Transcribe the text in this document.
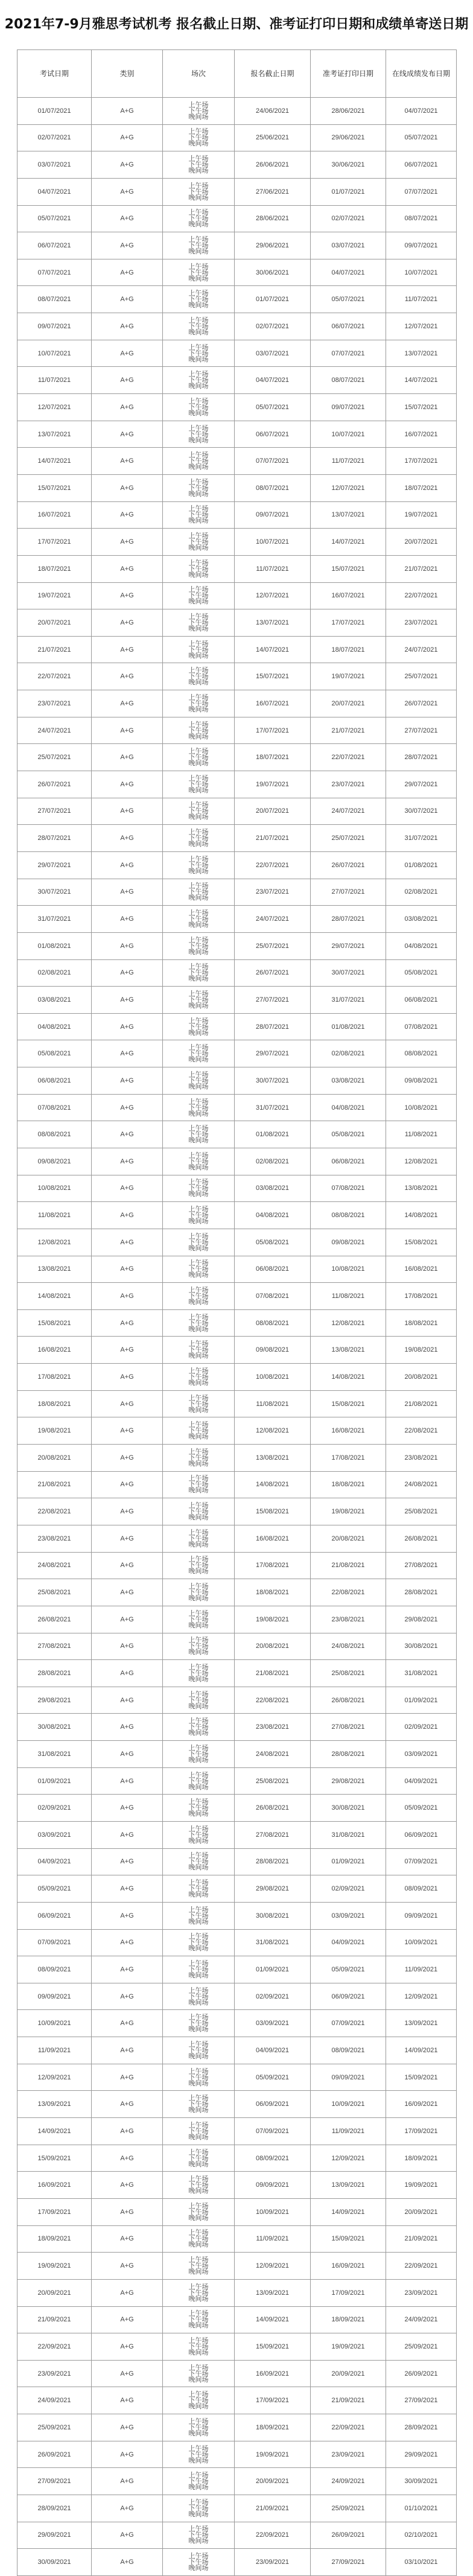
2021年7-9月雅思考试机考 报名截止日期、准考证打印日期和成绩单寄送日期
考试日期	类别	场次	报名截止日期	准考证打印日期	在线成绩发布日期
01/07/2021	A+G	上午场
下午场
晚间场	24/06/2021	28/06/2021	04/07/2021
02/07/2021	A+G	上午场
下午场
晚间场	25/06/2021	29/06/2021	05/07/2021
03/07/2021	A+G	上午场
下午场
晚间场	26/06/2021	30/06/2021	06/07/2021
04/07/2021	A+G	上午场
下午场
晚间场	27/06/2021	01/07/2021	07/07/2021
05/07/2021	A+G	上午场
下午场
晚间场	28/06/2021	02/07/2021	08/07/2021
06/07/2021	A+G	上午场
下午场
晚间场	29/06/2021	03/07/2021	09/07/2021
07/07/2021	A+G	上午场
下午场
晚间场	30/06/2021	04/07/2021	10/07/2021
08/07/2021	A+G	上午场
下午场
晚间场	01/07/2021	05/07/2021	11/07/2021
09/07/2021	A+G	上午场
下午场
晚间场	02/07/2021	06/07/2021	12/07/2021
10/07/2021	A+G	上午场
下午场
晚间场	03/07/2021	07/07/2021	13/07/2021
11/07/2021	A+G	上午场
下午场
晚间场	04/07/2021	08/07/2021	14/07/2021
12/07/2021	A+G	上午场
下午场
晚间场	05/07/2021	09/07/2021	15/07/2021
13/07/2021	A+G	上午场
下午场
晚间场	06/07/2021	10/07/2021	16/07/2021
14/07/2021	A+G	上午场
下午场
晚间场	07/07/2021	11/07/2021	17/07/2021
15/07/2021	A+G	上午场
下午场
晚间场	08/07/2021	12/07/2021	18/07/2021
16/07/2021	A+G	上午场
下午场
晚间场	09/07/2021	13/07/2021	19/07/2021
17/07/2021	A+G	上午场
下午场
晚间场	10/07/2021	14/07/2021	20/07/2021
18/07/2021	A+G	上午场
下午场
晚间场	11/07/2021	15/07/2021	21/07/2021
19/07/2021	A+G	上午场
下午场
晚间场	12/07/2021	16/07/2021	22/07/2021
20/07/2021	A+G	上午场
下午场
晚间场	13/07/2021	17/07/2021	23/07/2021
21/07/2021	A+G	上午场
下午场
晚间场	14/07/2021	18/07/2021	24/07/2021
22/07/2021	A+G	上午场
下午场
晚间场	15/07/2021	19/07/2021	25/07/2021
23/07/2021	A+G	上午场
下午场
晚间场	16/07/2021	20/07/2021	26/07/2021
24/07/2021	A+G	上午场
下午场
晚间场	17/07/2021	21/07/2021	27/07/2021
25/07/2021	A+G	上午场
下午场
晚间场	18/07/2021	22/07/2021	28/07/2021
26/07/2021	A+G	上午场
下午场
晚间场	19/07/2021	23/07/2021	29/07/2021
27/07/2021	A+G	上午场
下午场
晚间场	20/07/2021	24/07/2021	30/07/2021
28/07/2021	A+G	上午场
下午场
晚间场	21/07/2021	25/07/2021	31/07/2021
29/07/2021	A+G	上午场
下午场
晚间场	22/07/2021	26/07/2021	01/08/2021
30/07/2021	A+G	上午场
下午场
晚间场	23/07/2021	27/07/2021	02/08/2021
31/07/2021	A+G	上午场
下午场
晚间场	24/07/2021	28/07/2021	03/08/2021
01/08/2021	A+G	上午场
下午场
晚间场	25/07/2021	29/07/2021	04/08/2021
02/08/2021	A+G	上午场
下午场
晚间场	26/07/2021	30/07/2021	05/08/2021
03/08/2021	A+G	上午场
下午场
晚间场	27/07/2021	31/07/2021	06/08/2021
04/08/2021	A+G	上午场
下午场
晚间场	28/07/2021	01/08/2021	07/08/2021
05/08/2021	A+G	上午场
下午场
晚间场	29/07/2021	02/08/2021	08/08/2021
06/08/2021	A+G	上午场
下午场
晚间场	30/07/2021	03/08/2021	09/08/2021
07/08/2021	A+G	上午场
下午场
晚间场	31/07/2021	04/08/2021	10/08/2021
08/08/2021	A+G	上午场
下午场
晚间场	01/08/2021	05/08/2021	11/08/2021
09/08/2021	A+G	上午场
下午场
晚间场	02/08/2021	06/08/2021	12/08/2021
10/08/2021	A+G	上午场
下午场
晚间场	03/08/2021	07/08/2021	13/08/2021
11/08/2021	A+G	上午场
下午场
晚间场	04/08/2021	08/08/2021	14/08/2021
12/08/2021	A+G	上午场
下午场
晚间场	05/08/2021	09/08/2021	15/08/2021
13/08/2021	A+G	上午场
下午场
晚间场	06/08/2021	10/08/2021	16/08/2021
14/08/2021	A+G	上午场
下午场
晚间场	07/08/2021	11/08/2021	17/08/2021
15/08/2021	A+G	上午场
下午场
晚间场	08/08/2021	12/08/2021	18/08/2021
16/08/2021	A+G	上午场
下午场
晚间场	09/08/2021	13/08/2021	19/08/2021
17/08/2021	A+G	上午场
下午场
晚间场	10/08/2021	14/08/2021	20/08/2021
18/08/2021	A+G	上午场
下午场
晚间场	11/08/2021	15/08/2021	21/08/2021
19/08/2021	A+G	上午场
下午场
晚间场	12/08/2021	16/08/2021	22/08/2021
20/08/2021	A+G	上午场
下午场
晚间场	13/08/2021	17/08/2021	23/08/2021
21/08/2021	A+G	上午场
下午场
晚间场	14/08/2021	18/08/2021	24/08/2021
22/08/2021	A+G	上午场
下午场
晚间场	15/08/2021	19/08/2021	25/08/2021
23/08/2021	A+G	上午场
下午场
晚间场	16/08/2021	20/08/2021	26/08/2021
24/08/2021	A+G	上午场
下午场
晚间场	17/08/2021	21/08/2021	27/08/2021
25/08/2021	A+G	上午场
下午场
晚间场	18/08/2021	22/08/2021	28/08/2021
26/08/2021	A+G	上午场
下午场
晚间场	19/08/2021	23/08/2021	29/08/2021
27/08/2021	A+G	上午场
下午场
晚间场	20/08/2021	24/08/2021	30/08/2021
28/08/2021	A+G	上午场
下午场
晚间场	21/08/2021	25/08/2021	31/08/2021
29/08/2021	A+G	上午场
下午场
晚间场	22/08/2021	26/08/2021	01/09/2021
30/08/2021	A+G	上午场
下午场
晚间场	23/08/2021	27/08/2021	02/09/2021
31/08/2021	A+G	上午场
下午场
晚间场	24/08/2021	28/08/2021	03/09/2021
01/09/2021	A+G	上午场
下午场
晚间场	25/08/2021	29/08/2021	04/09/2021
02/09/2021	A+G	上午场
下午场
晚间场	26/08/2021	30/08/2021	05/09/2021
03/09/2021	A+G	上午场
下午场
晚间场	27/08/2021	31/08/2021	06/09/2021
04/09/2021	A+G	上午场
下午场
晚间场	28/08/2021	01/09/2021	07/09/2021
05/09/2021	A+G	上午场
下午场
晚间场	29/08/2021	02/09/2021	08/09/2021
06/09/2021	A+G	上午场
下午场
晚间场	30/08/2021	03/09/2021	09/09/2021
07/09/2021	A+G	上午场
下午场
晚间场	31/08/2021	04/09/2021	10/09/2021
08/09/2021	A+G	上午场
下午场
晚间场	01/09/2021	05/09/2021	11/09/2021
09/09/2021	A+G	上午场
下午场
晚间场	02/09/2021	06/09/2021	12/09/2021
10/09/2021	A+G	上午场
下午场
晚间场	03/09/2021	07/09/2021	13/09/2021
11/09/2021	A+G	上午场
下午场
晚间场	04/09/2021	08/09/2021	14/09/2021
12/09/2021	A+G	上午场
下午场
晚间场	05/09/2021	09/09/2021	15/09/2021
13/09/2021	A+G	上午场
下午场
晚间场	06/09/2021	10/09/2021	16/09/2021
14/09/2021	A+G	上午场
下午场
晚间场	07/09/2021	11/09/2021	17/09/2021
15/09/2021	A+G	上午场
下午场
晚间场	08/09/2021	12/09/2021	18/09/2021
16/09/2021	A+G	上午场
下午场
晚间场	09/09/2021	13/09/2021	19/09/2021
17/09/2021	A+G	上午场
下午场
晚间场	10/09/2021	14/09/2021	20/09/2021
18/09/2021	A+G	上午场
下午场
晚间场	11/09/2021	15/09/2021	21/09/2021
19/09/2021	A+G	上午场
下午场
晚间场	12/09/2021	16/09/2021	22/09/2021
20/09/2021	A+G	上午场
下午场
晚间场	13/09/2021	17/09/2021	23/09/2021
21/09/2021	A+G	上午场
下午场
晚间场	14/09/2021	18/09/2021	24/09/2021
22/09/2021	A+G	上午场
下午场
晚间场	15/09/2021	19/09/2021	25/09/2021
23/09/2021	A+G	上午场
下午场
晚间场	16/09/2021	20/09/2021	26/09/2021
24/09/2021	A+G	上午场
下午场
晚间场	17/09/2021	21/09/2021	27/09/2021
25/09/2021	A+G	上午场
下午场
晚间场	18/09/2021	22/09/2021	28/09/2021
26/09/2021	A+G	上午场
下午场
晚间场	19/09/2021	23/09/2021	29/09/2021
27/09/2021	A+G	上午场
下午场
晚间场	20/09/2021	24/09/2021	30/09/2021
28/09/2021	A+G	上午场
下午场
晚间场	21/09/2021	25/09/2021	01/10/2021
29/09/2021	A+G	上午场
下午场
晚间场	22/09/2021	26/09/2021	02/10/2021
30/09/2021	A+G	上午场
下午场
晚间场	23/09/2021	27/09/2021	03/10/2021
